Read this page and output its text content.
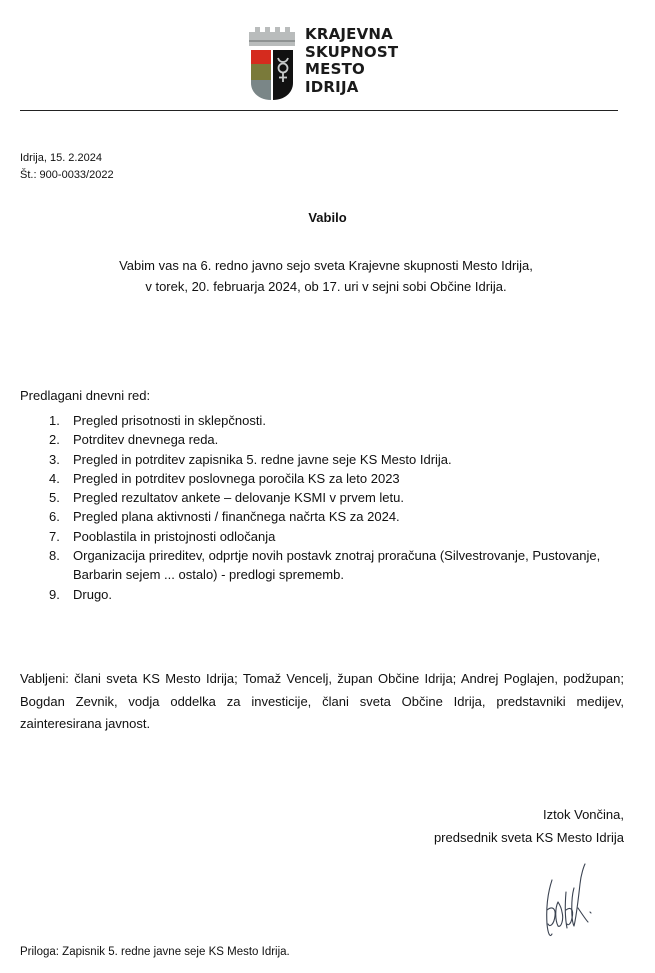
KRAJEVNA
SKUPNOST
MESTO
IDRIJA
Idrija, 15. 2.2024
Št.: 900-0033/2022
Vabilo
Vabim vas na 6. redno javno sejo sveta Krajevne skupnosti Mesto Idrija,
v torek, 20. februarja 2024, ob 17. uri v sejni sobi Občine Idrija.
Predlagani dnevni red:
1. Pregled prisotnosti in sklepčnosti.
2. Potrditev dnevnega reda.
3. Pregled in potrditev zapisnika 5. redne javne seje KS Mesto Idrija.
4. Pregled in potrditev poslovnega poročila KS za leto 2023
5. Pregled rezultatov ankete – delovanje KSMI v prvem letu.
6. Pregled plana aktivnosti / finančnega načrta KS za 2024.
7. Pooblastila in pristojnosti odločanja
8. Organizacija prireditev, odprtje novih postavk znotraj proračuna (Silvestrovanje, Pustovanje, Barbarin sejem ... ostalo) - predlogi sprememb.
9. Drugo.
Vabljeni: člani sveta KS Mesto Idrija; Tomaž Vencelj, župan Občine Idrija; Andrej Poglajen, podžupan; Bogdan Zevnik, vodja oddelka za investicije, člani sveta Občine Idrija, predstavniki medijev, zainteresirana javnost.
Iztok Vončina,
predsednik sveta KS Mesto Idrija
Priloga: Zapisnik 5. redne javne seje KS Mesto Idrija.
